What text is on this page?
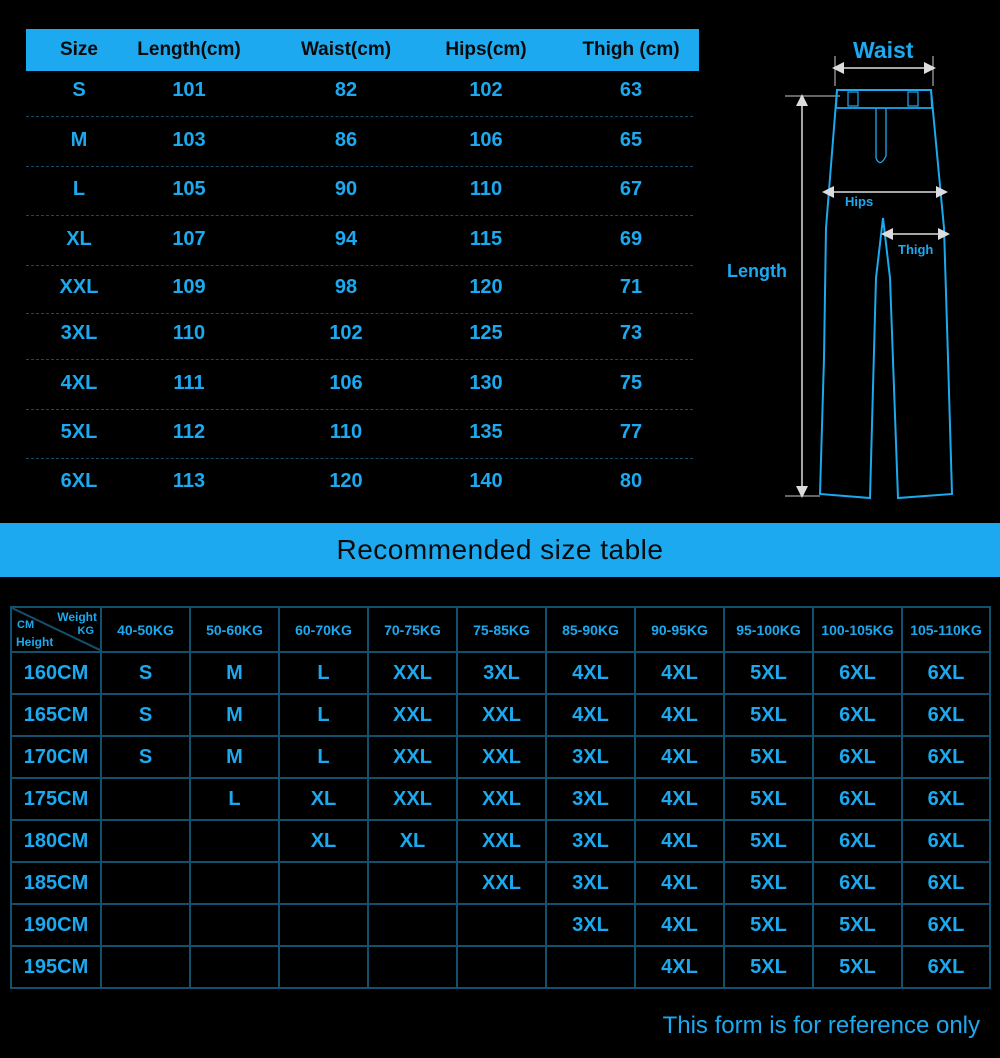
Size	Length(cm)	Waist(cm)	Hips(cm)	Thigh (cm)
S	101	82	102	63
M	103	86	106	65
L	105	90	110	67
XL	107	94	115	69
XXL	109	98	120	71
3XL	110	102	125	73
4XL	111	106	130	75
5XL	112	110	135	77
6XL	113	120	140	80
Waist
Hips
Thigh
Length
Recommended size table
Weight
KG
CM
Height	40-50KG	50-60KG	60-70KG	70-75KG	75-85KG	85-90KG	90-95KG	95-100KG	100-105KG	105-110KG
160CM	S	M	L	XXL	3XL	4XL	4XL	5XL	6XL	6XL
165CM	S	M	L	XXL	XXL	4XL	4XL	5XL	6XL	6XL
170CM	S	M	L	XXL	XXL	3XL	4XL	5XL	6XL	6XL
175CM		L	XL	XXL	XXL	3XL	4XL	5XL	6XL	6XL
180CM			XL	XL	XXL	3XL	4XL	5XL	6XL	6XL
185CM					XXL	3XL	4XL	5XL	6XL	6XL
190CM						3XL	4XL	5XL	5XL	6XL
195CM							4XL	5XL	5XL	6XL
This form is for reference only
